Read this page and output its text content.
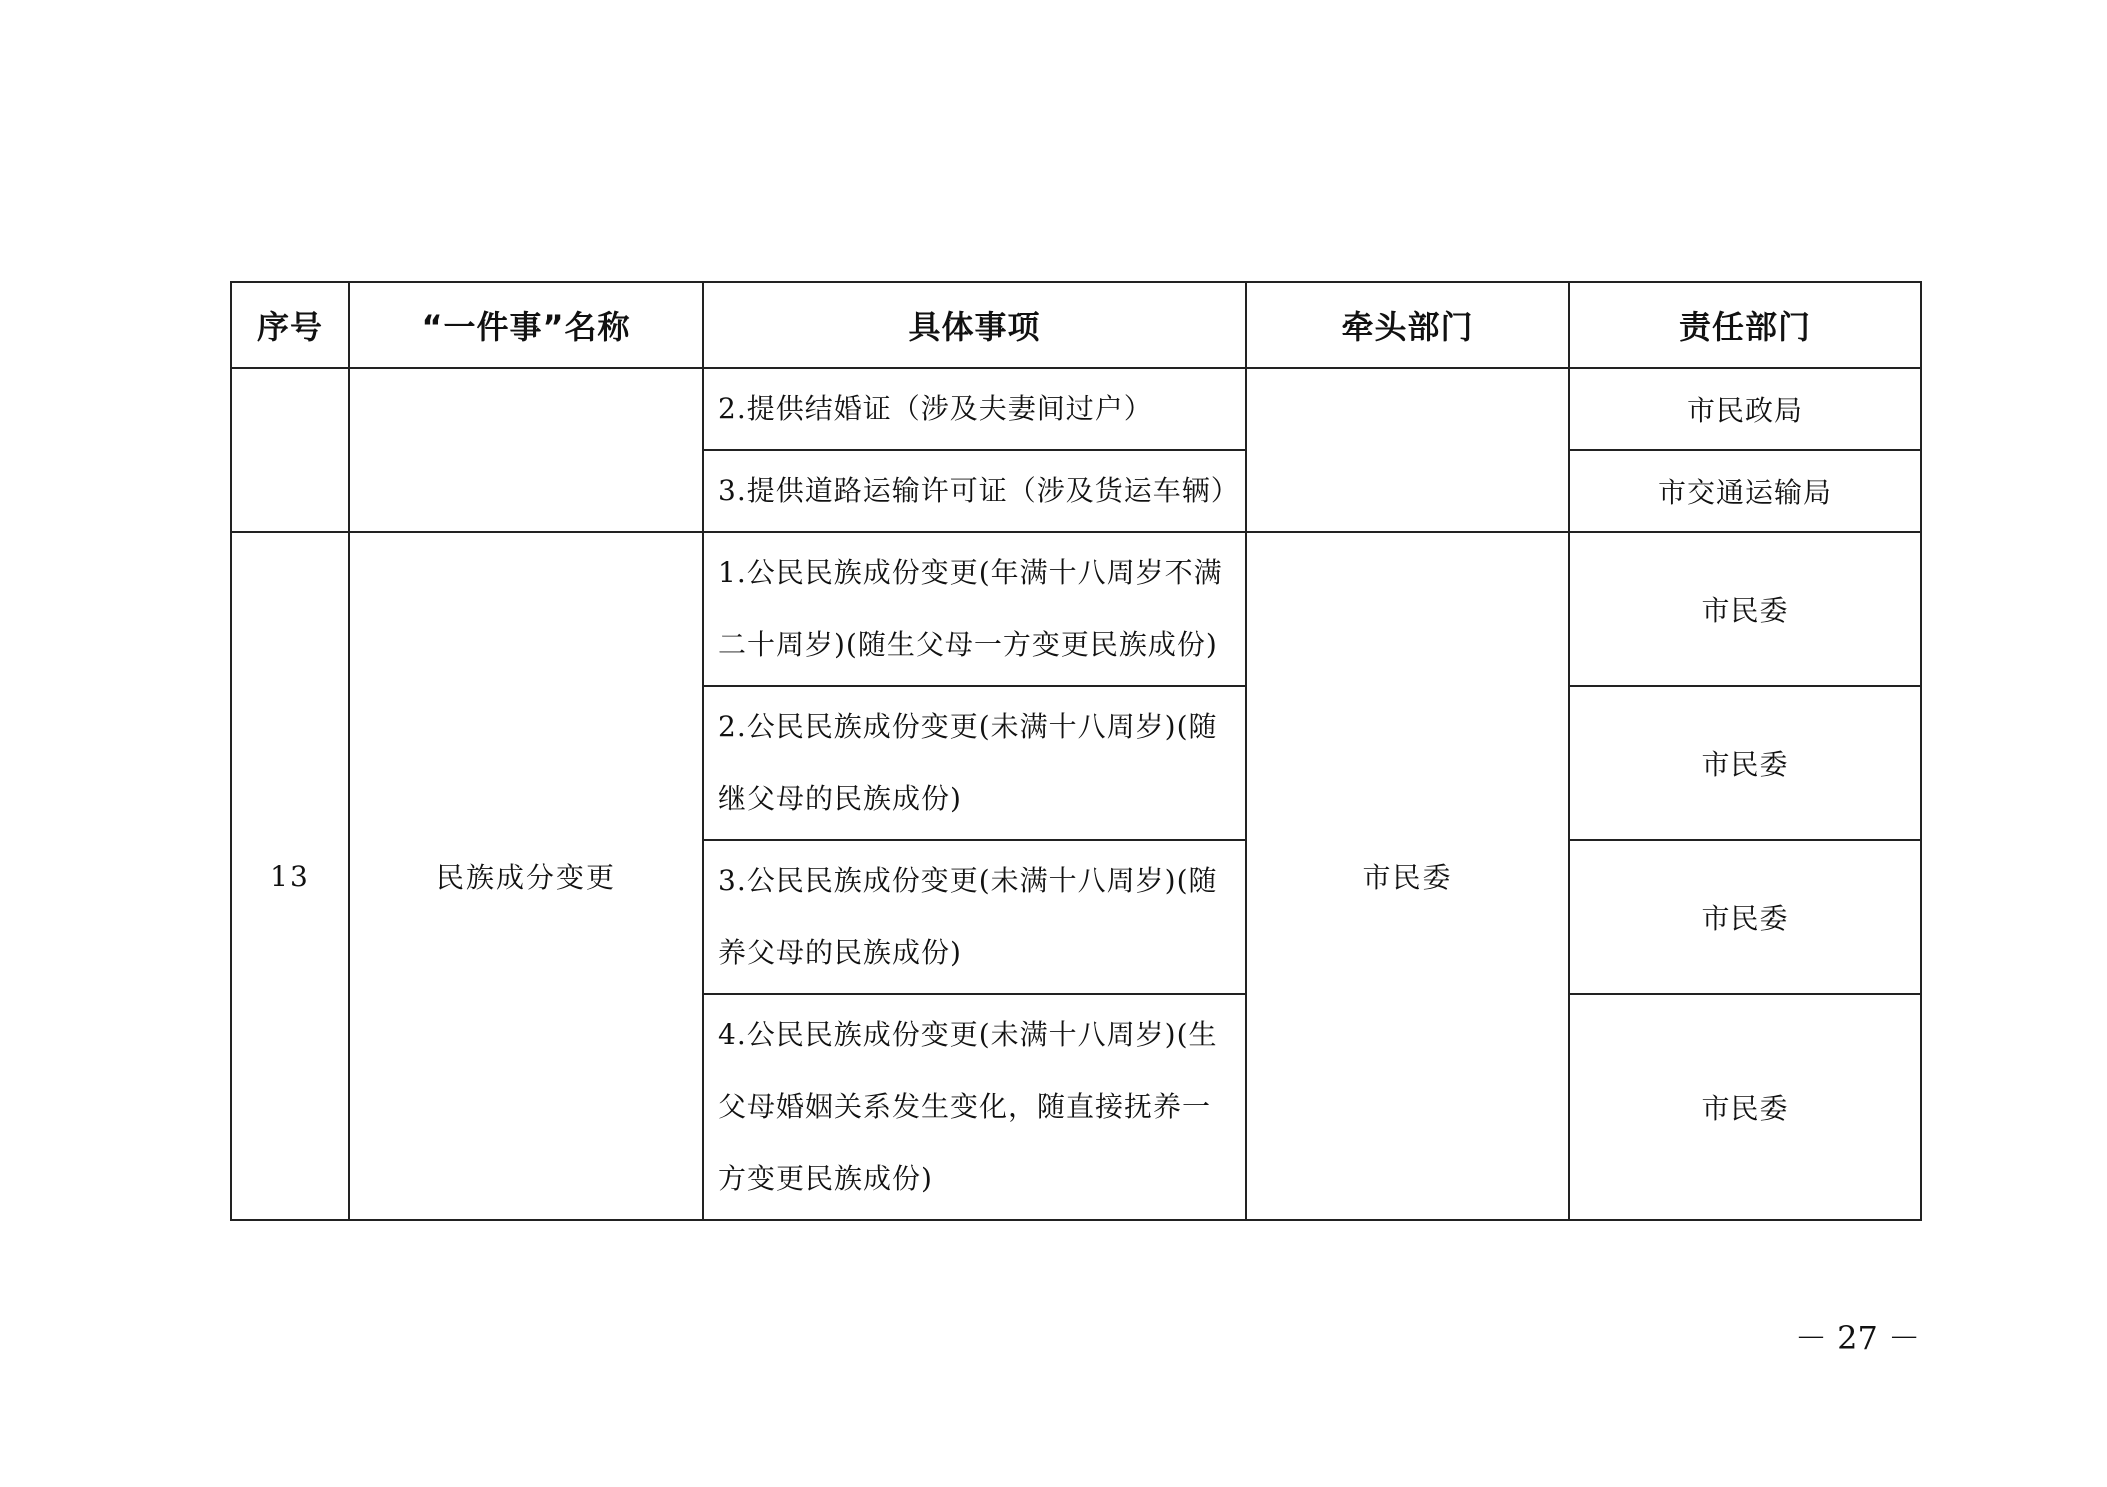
序号	“一件事”名称	具体事项	牵头部门	责任部门
		2.提供结婚证（涉及夫妻间过户）		市民政局
		3.提供道路运输许可证（涉及货运车辆）		市交通运输局
13	民族成分变更	1.公民民族成份变更(年满十八周岁不满二十周岁)(随生父母一方变更民族成份)	市民委	市民委
		2.公民民族成份变更(未满十八周岁)(随继父母的民族成份)		市民委
		3.公民民族成份变更(未满十八周岁)(随养父母的民族成份)		市民委
		4.公民民族成份变更(未满十八周岁)(生父母婚姻关系发生变化，随直接抚养一方变更民族成份)		市民委
－ 27 －
